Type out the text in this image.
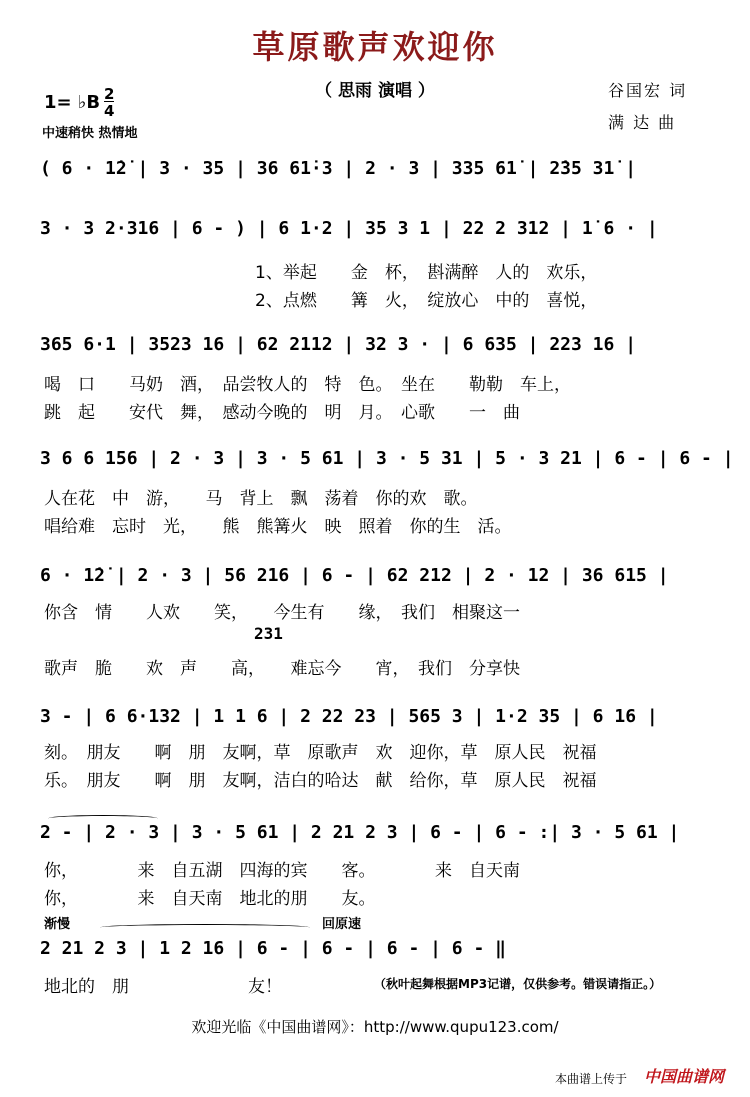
草原歌声欢迎你
（ 思雨 演唱 ）
1= ♭B 2
4
中速稍快 热情地
谷国宏 词
满 达 曲
( 6 · 1̇2̇ | 3 · 35 | 36 61̇·3 | 2 · 3 | 335 61̇ | 2̇35 31̇ |
3 · 3 2·316 | 6 - ) | 6 1·2 | 35 3 1 | 22 2 312 | 1̇ 6 · |
1、举起　　金　杯，　斟满醉　人的　欢乐，
2、点燃　　篝　火，　绽放心　中的　喜悦，
365 6·1 | 3523 16 | 62 2112 | 32 3 · | 6 635 | 223 16 |
喝　口　　马奶　酒，　品尝牧人的　特　色。　坐在　　勒勒　车上，
跳　起　　安代　舞，　感动今晚的　明　月。　心歌　　一　曲
3 6 6 156 | 2 · 3 | 3 · 5 61 | 3 · 5 31 | 5 · 3 21 | 6 - | 6 - |
人在花　中　游，　　马　背上　飘　荡着　你的欢　歌。
唱给难　忘时　光，　　熊　熊篝火　映　照着　你的生　活。
6 · 1̇2̇ | 2 · 3 | 56 216 | 6 - | 62 212 | 2 · 12 | 36 615 |
你含　情　　人欢　　笑，　　今生有　　缘，　我们　相聚这一
231
歌声　脆　　欢　声　　高，　　难忘今　　宵，　我们　分享快
3 - | 6 6·132 | 1 1 6 | 2 22 23 | 565 3 | 1·2 35 | 6 16 |
刻。　朋友　　啊　朋　友啊，草　原歌声　欢　迎你，草　原人民　祝福
乐。　朋友　　啊　朋　友啊，洁白的哈达　献　给你，草　原人民　祝福
2 - | 2 · 3 | 3 · 5 61 | 2 21 2 3 | 6 - | 6 - :| 3 · 5 61 |
你，　　　　来　自五湖　四海的宾　　客。　　　　来　自天南
你，　　　　来　自天南　地北的朋　　友。
渐慢	回原速
2 21 2 3 | 1 2 16 | 6 - | 6 - | 6 - | 6 - ‖
地北的　朋　　　　　　　友！	（秋叶起舞根据MP3记谱，仅供参考。错误请指正。）
欢迎光临《中国曲谱网》：http://www.qupu123.com/
本曲谱上传于 中国曲谱网
